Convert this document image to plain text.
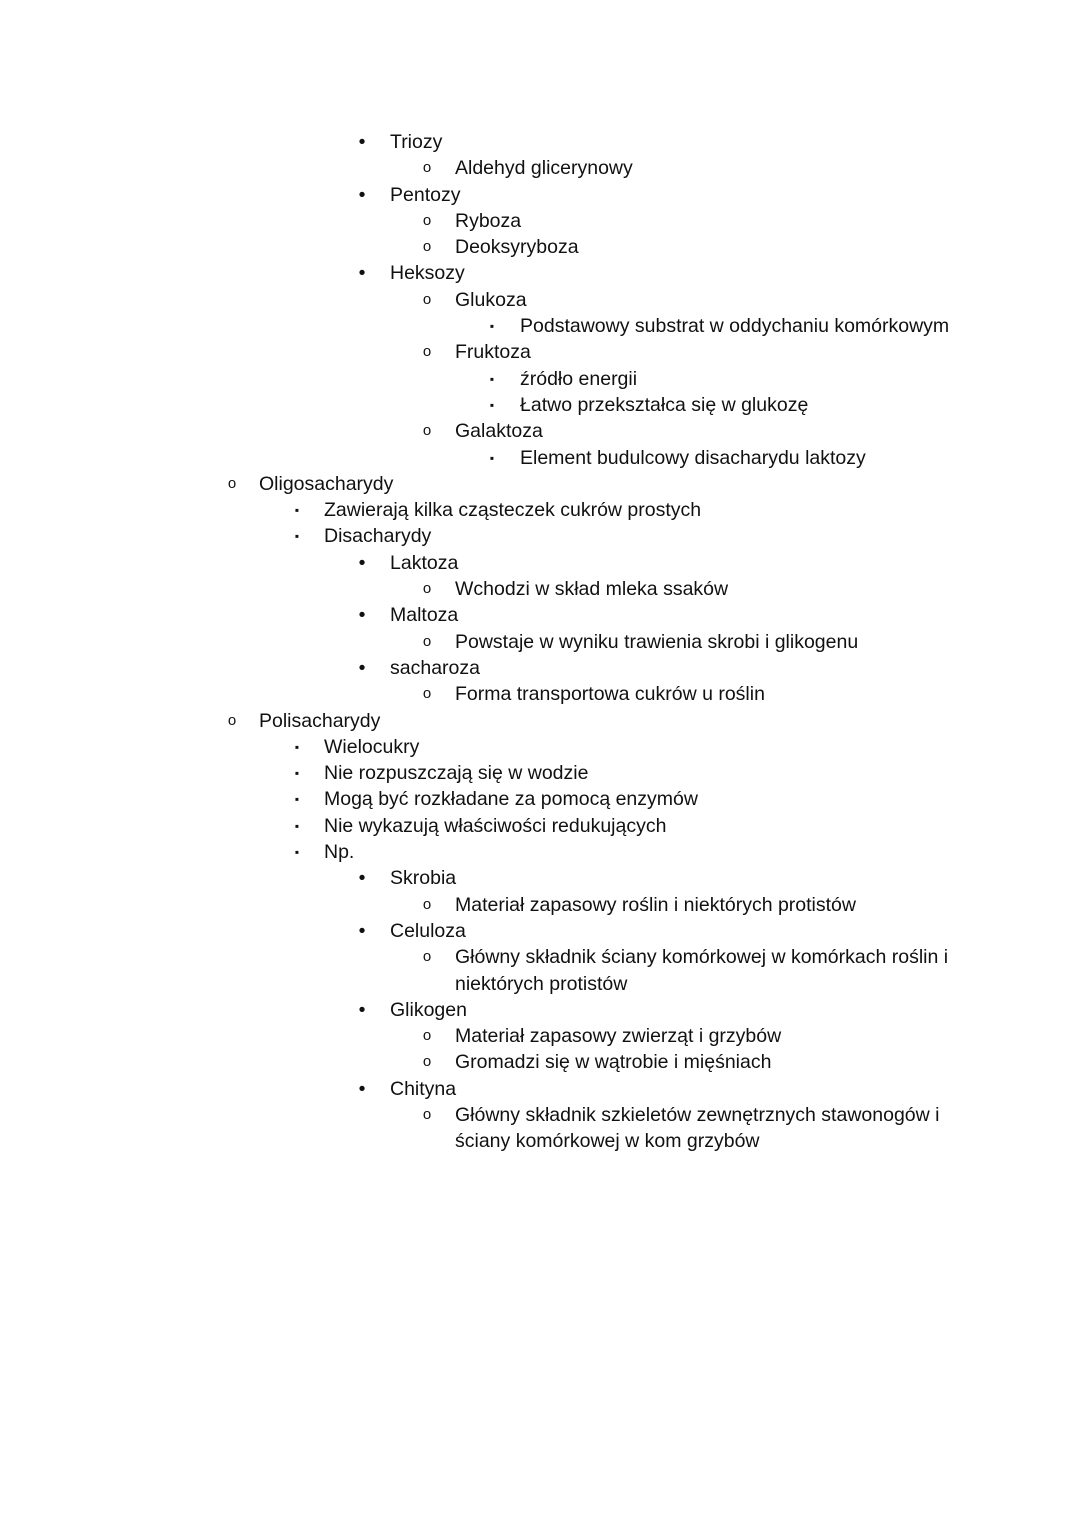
•	Triozy
o Aldehyd glicerynowy
•	Pentozy
o Ryboza
o Deoksyryboza
•	Heksozy
o Glukoza
▪	Podstawowy substrat w oddychaniu komórkowym
o Fruktoza
▪	źródło energii
▪	Łatwo przekształca się w glukozę
o Galaktoza
▪	Element budulcowy disacharydu laktozy
o Oligosacharydy
▪	Zawierają kilka cząsteczek cukrów prostych
▪	Disacharydy
•	Laktoza
o Wchodzi w skład mleka ssaków
•	Maltoza
o Powstaje w wyniku trawienia skrobi i glikogenu
•	sacharoza
o Forma transportowa cukrów u roślin
o Polisacharydy
▪	Wielocukry
▪	Nie rozpuszczają się w wodzie
▪	Mogą być rozkładane za pomocą enzymów
▪	Nie wykazują właściwości redukujących
▪	Np.
•	Skrobia
o Materiał zapasowy roślin i niektórych protistów
•	Celuloza
o Główny składnik ściany komórkowej w komórkach roślin i niektórych protistów
•	Glikogen
o Materiał zapasowy zwierząt i grzybów
o Gromadzi się w wątrobie i mięśniach
•	Chityna
o Główny składnik szkieletów zewnętrznych stawonogów i ściany komórkowej w kom grzybów
